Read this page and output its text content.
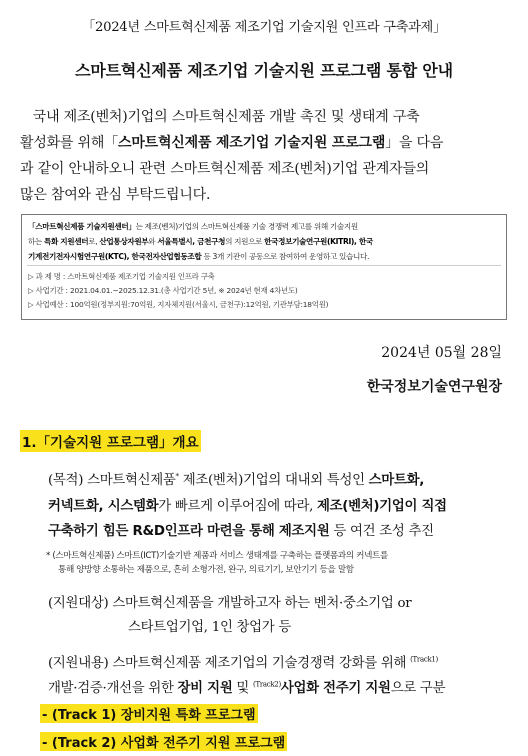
「2024년 스마트혁신제품 제조기업 기술지원 인프라 구축과제」
스마트혁신제품 제조기업 기술지원 프로그램 통합 안내
국내 제조(벤처)기업의 스마트혁신제품 개발 촉진 및 생태계 구축
활성화를 위해「스마트혁신제품 제조기업 기술지원 프로그램」을 다음
과 같이 안내하오니 관련 스마트혁신제품 제조(벤처)기업 관계자들의
많은 참여와 관심 부탁드립니다.
「스마트혁신제품 기술지원센터」는 제조(벤처)기업의 스마트혁신제품 기술 경쟁력 제고를 위해 기술지원
하는 특화 지원센터로, 산업통상자원부와 서울특별시, 금천구청의 지원으로 한국정보기술연구원(KITRI), 한국
기계전기전자시험연구원(KTC), 한국전자산업협동조합 등 3개 기관이 공동으로 참여하여 운영하고 있습니다.
▷ 과 제 명 : 스마트혁신제품 제조기업 기술지원 인프라 구축
▷ 사업기간 : 2021.04.01.~2025.12.31.(총 사업기간 5년, ※ 2024년 현재 4차년도)
▷ 사업예산 : 100억원(정부지원:70억원, 지자체지원(서울시, 금천구):12억원, 기관부담:18억원)
2024년 05월 28일
한국정보기술연구원장
1.「기술지원 프로그램」개요
(목적) 스마트혁신제품* 제조(벤처)기업의 대내외 특성인 스마트화,
커넥트화, 시스템화가 빠르게 이루어짐에 따라, 제조(벤처)기업이 직접
구축하기 힘든 R&D인프라 마련을 통해 제조지원 등 여건 조성 추진
* (스마트혁신제품) 스마트(ICT)기술기반 제품과 서비스 생태계를 구축하는 플랫폼과의 커넥트를
통해 양방향 소통하는 제품으로, 흔히 소형가전, 완구, 의료기기, 보안기기 등을 말함
(지원대상) 스마트혁신제품을 개발하고자 하는 벤처·중소기업 or
스타트업기업, 1인 창업가 등
(지원내용) 스마트혁신제품 제조기업의 기술경쟁력 강화를 위해 $^{(Track1)}$
개발·검증·개선을 위한 장비 지원 및 $^{(Track2)}$사업화 전주기 지원으로 구분
- (Track 1) 장비지원 특화 프로그램
- (Track 2) 사업화 전주기 지원 프로그램
